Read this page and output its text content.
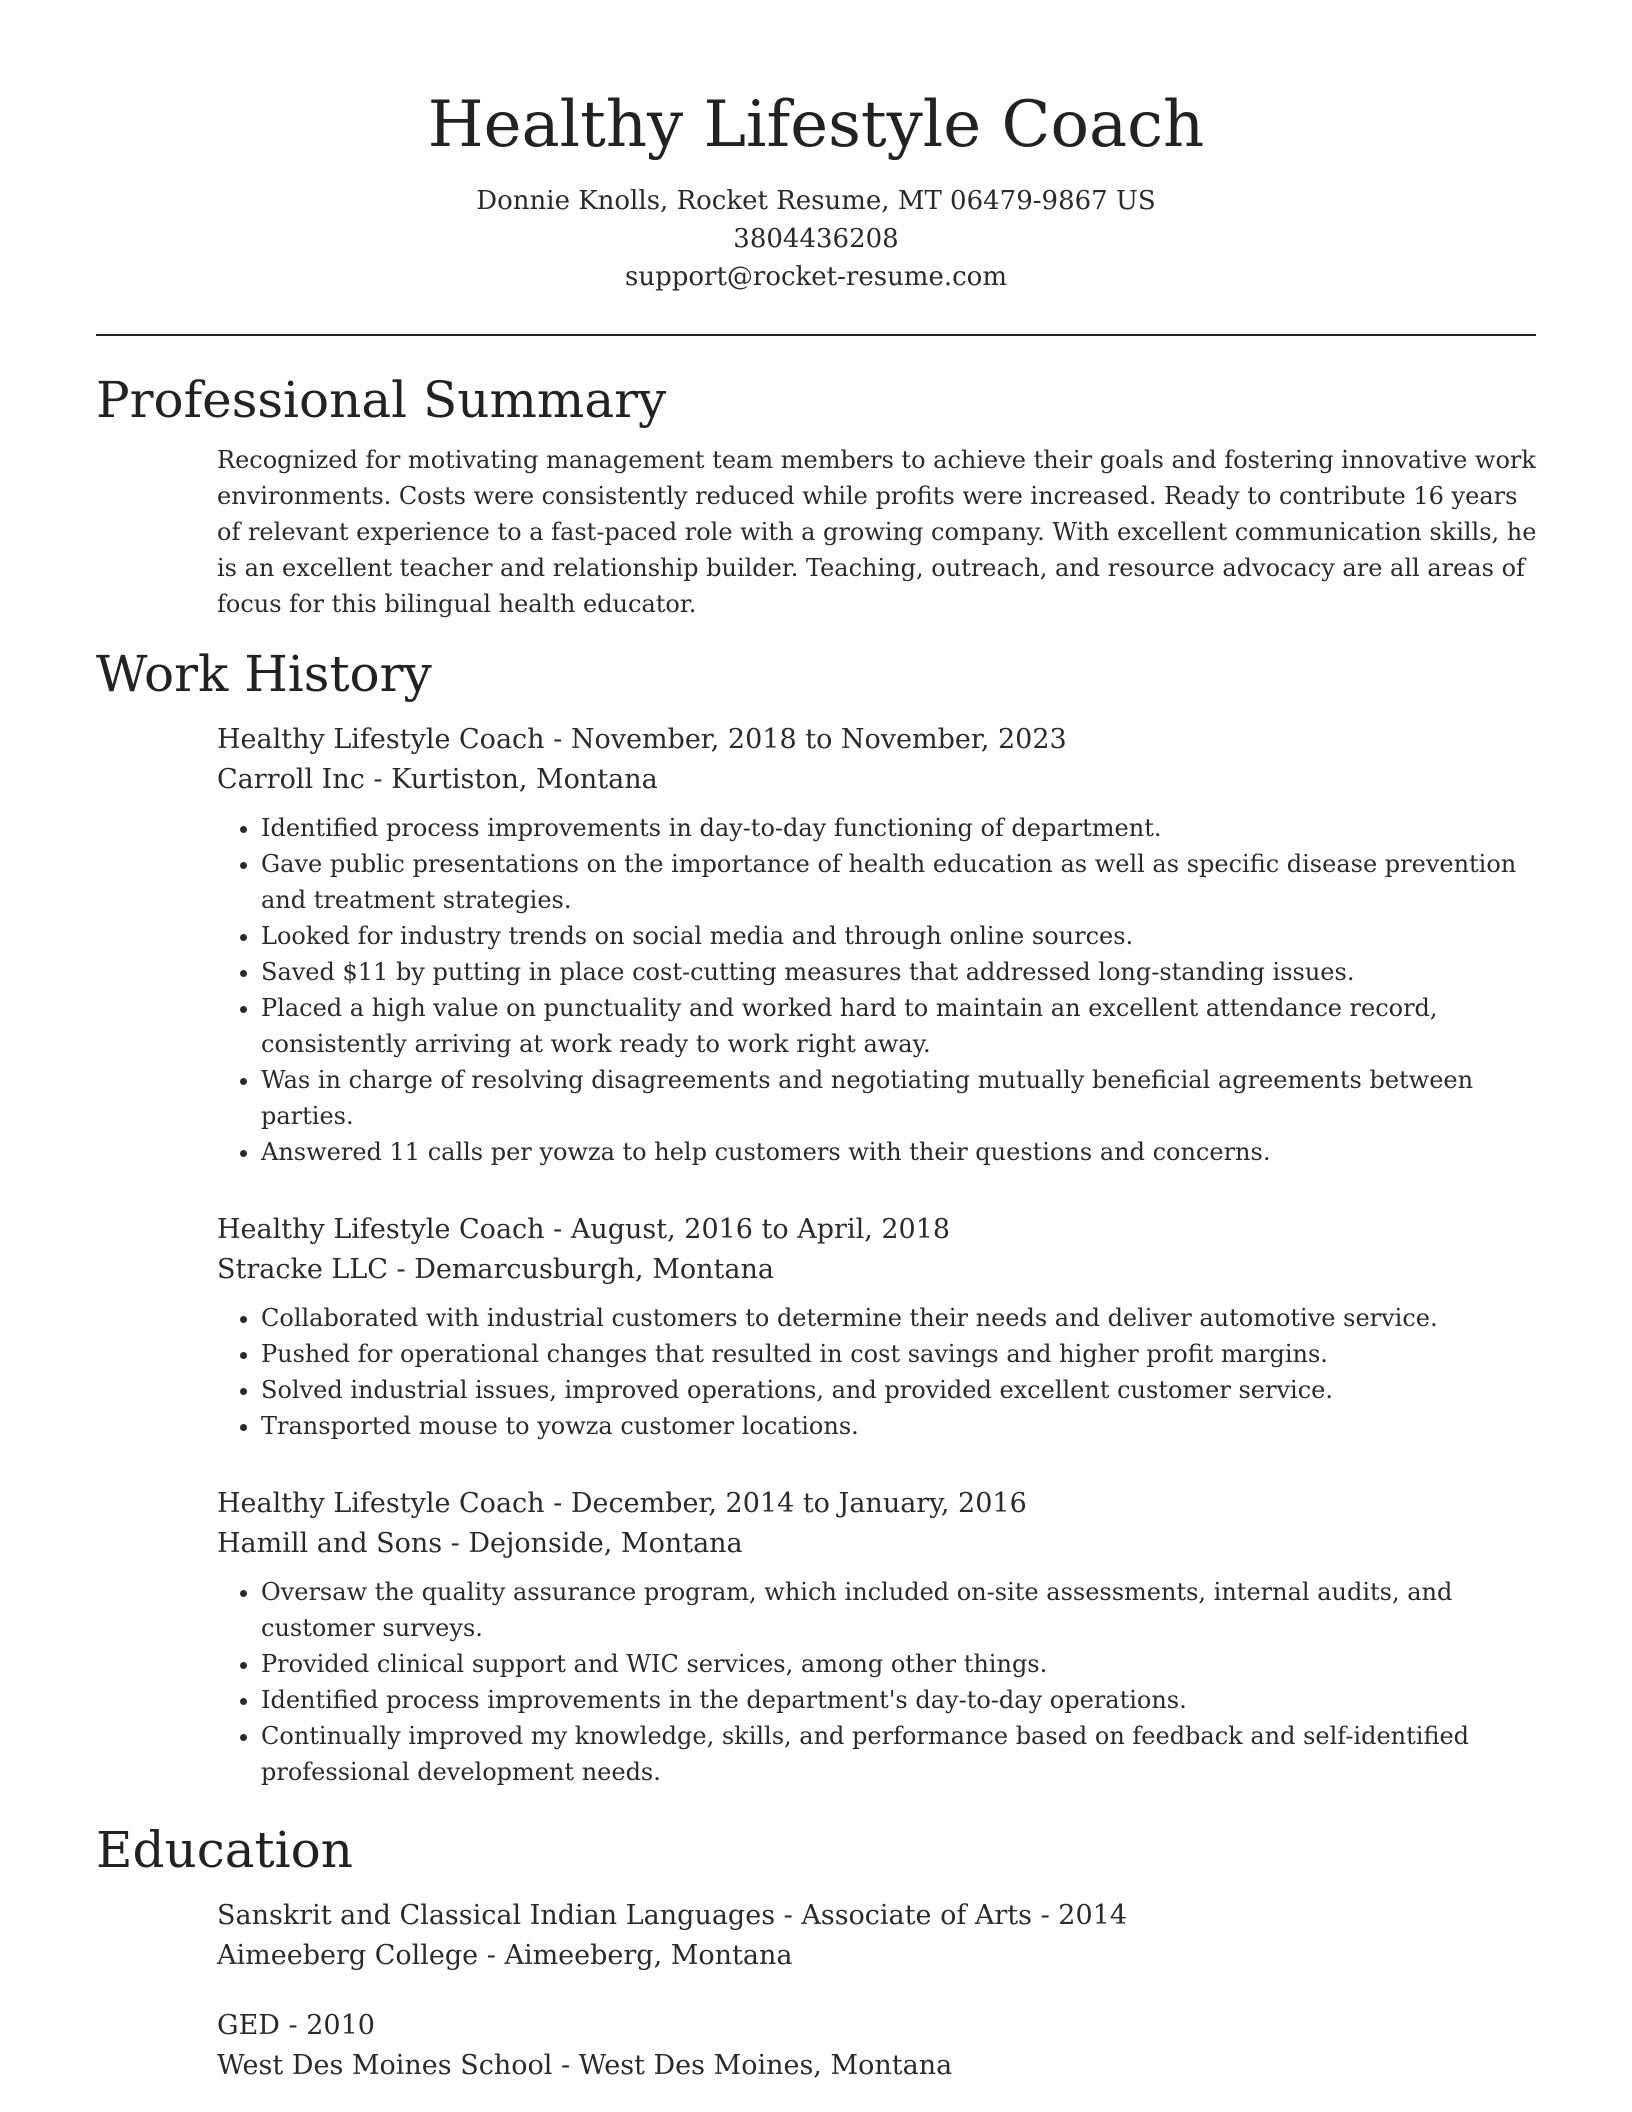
Healthy Lifestyle Coach
Donnie Knolls, Rocket Resume, MT 06479-9867 US
3804436208
support@rocket-resume.com
Professional Summary

Recognized for motivating management team members to achieve their goals and fostering innovative work environments. Costs were consistently reduced while profits were increased. Ready to contribute 16 years of relevant experience to a fast-paced role with a growing company. With excellent communication skills, he is an excellent teacher and relationship builder. Teaching, outreach, and resource advocacy are all areas of focus for this bilingual health educator.

Work History
Healthy Lifestyle Coach - November, 2018 to November, 2023
Carroll Inc - Kurtiston, Montana
• Identified process improvements in day-to-day functioning of department.
• Gave public presentations on the importance of health education as well as specific disease prevention and treatment strategies.
• Looked for industry trends on social media and through online sources.
• Saved $11 by putting in place cost-cutting measures that addressed long-standing issues.
• Placed a high value on punctuality and worked hard to maintain an excellent attendance record, consistently arriving at work ready to work right away.
• Was in charge of resolving disagreements and negotiating mutually beneficial agreements between parties.
• Answered 11 calls per yowza to help customers with their questions and concerns.
Healthy Lifestyle Coach - August, 2016 to April, 2018
Stracke LLC - Demarcusburgh, Montana
• Collaborated with industrial customers to determine their needs and deliver automotive service.
• Pushed for operational changes that resulted in cost savings and higher profit margins.
• Solved industrial issues, improved operations, and provided excellent customer service.
• Transported mouse to yowza customer locations.
Healthy Lifestyle Coach - December, 2014 to January, 2016
Hamill and Sons - Dejonside, Montana
• Oversaw the quality assurance program, which included on-site assessments, internal audits, and customer surveys.
• Provided clinical support and WIC services, among other things.
• Identified process improvements in the department's day-to-day operations.
• Continually improved my knowledge, skills, and performance based on feedback and self-identified professional development needs.
Education
Sanskrit and Classical Indian Languages - Associate of Arts - 2014
Aimeeberg College - Aimeeberg, Montana
GED - 2010
West Des Moines School - West Des Moines, Montana
